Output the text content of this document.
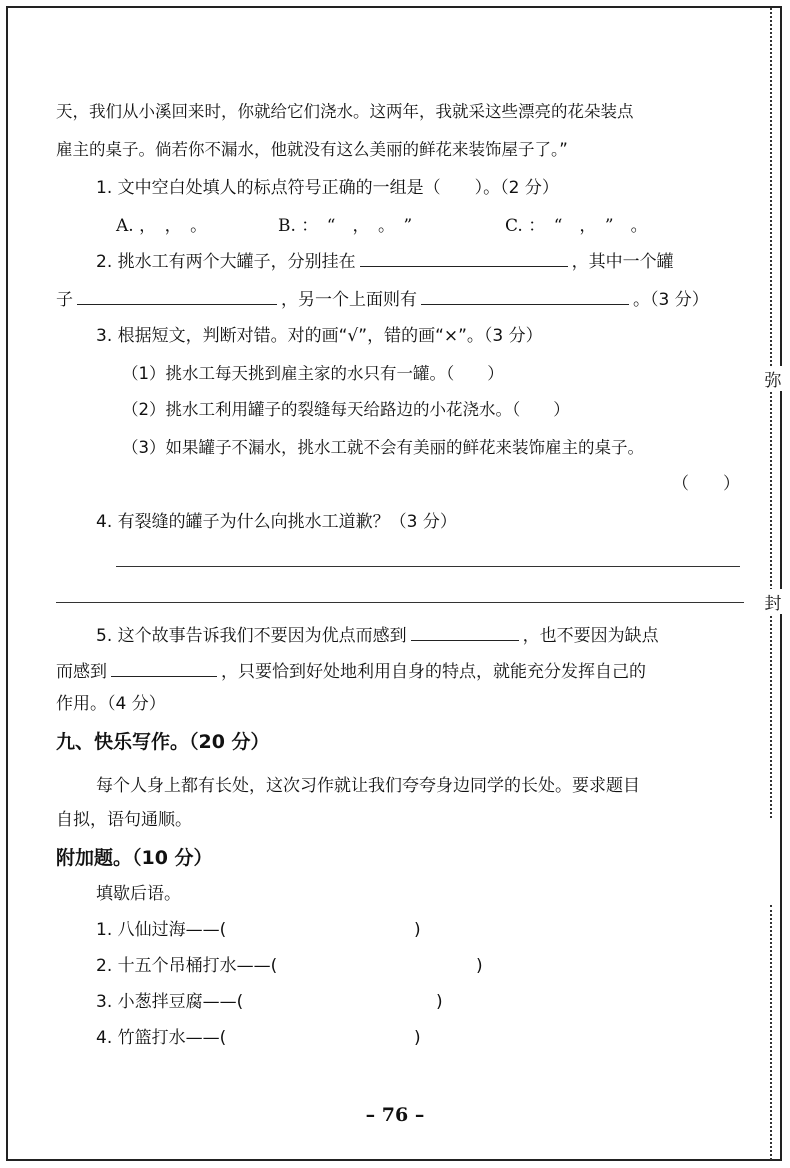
弥
封
天，我们从小溪回来时，你就给它们浇水。这两年，我就采这些漂亮的花朵装点
雇主的桌子。倘若你不漏水，他就没有这么美丽的鲜花来装饰屋子了。”
1. 文中空白处填人的标点符号正确的一组是（　　）。（2 分）
A. ，　，　。	B. ：　“　，　。　”	C. ：　“　，　”　。
2. 挑水工有两个大罐子，分别挂在	，其中一个罐
子	，另一个上面则有	。（3 分）
3. 根据短文，判断对错。对的画“√”，错的画“×”。（3 分）
（1）挑水工每天挑到雇主家的水只有一罐。（　　）
（2）挑水工利用罐子的裂缝每天给路边的小花浇水。（　　）
（3）如果罐子不漏水，挑水工就不会有美丽的鲜花来装饰雇主的桌子。
（　　）
4. 有裂缝的罐子为什么向挑水工道歉？（3 分）
5. 这个故事告诉我们不要因为优点而感到	，也不要因为缺点
而感到	，只要恰到好处地利用自身的特点，就能充分发挥自己的
作用。（4 分）
九、快乐写作。（20 分）
每个人身上都有长处，这次习作就让我们夸夸身边同学的长处。要求题目
自拟，语句通顺。
附加题。（10 分）
填歇后语。
1. 八仙过海——(	)
2. 十五个吊桶打水——(	)
3. 小葱拌豆腐——(	)
4. 竹篮打水——(	)
– 76 –
